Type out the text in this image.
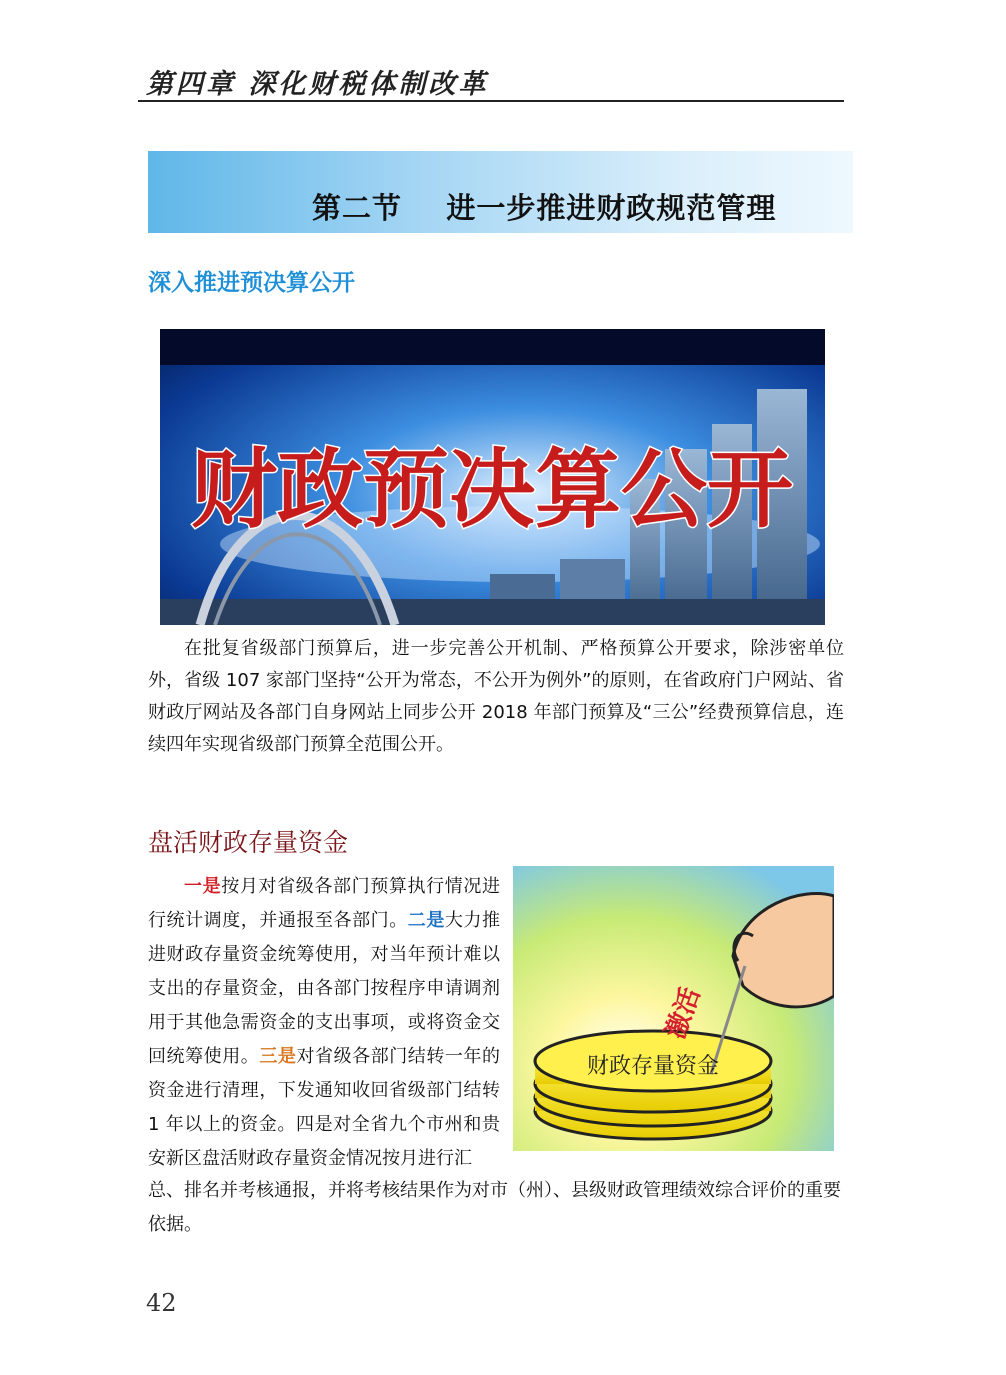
第四章 深化财税体制改革
第二节    进一步推进财政规范管理
深入推进预决算公开
财政预决算公开
在批复省级部门预算后，进一步完善公开机制、严格预算公开要求，除涉密单位外，省级 107 家部门坚持“公开为常态，不公开为例外”的原则，在省政府门户网站、省财政厅网站及各部门自身网站上同步公开 2018 年部门预算及“三公”经费预算信息，连续四年实现省级部门预算全范围公开。
盘活财政存量资金
一是按月对省级各部门预算执行情况进行统计调度，并通报至各部门。二是大力推进财政存量资金统筹使用，对当年预计难以支出的存量资金，由各部门按程序申请调剂用于其他急需资金的支出事项，或将资金交回统筹使用。三是对省级各部门结转一年的资金进行清理，下发通知收回省级部门结转 1 年以上的资金。四是对全省九个市州和贵安新区盘活财政存量资金情况按月进行汇
财政存量资金
激活
总、排名并考核通报，并将考核结果作为对市（州）、县级财政管理绩效综合评价的重要依据。
42
